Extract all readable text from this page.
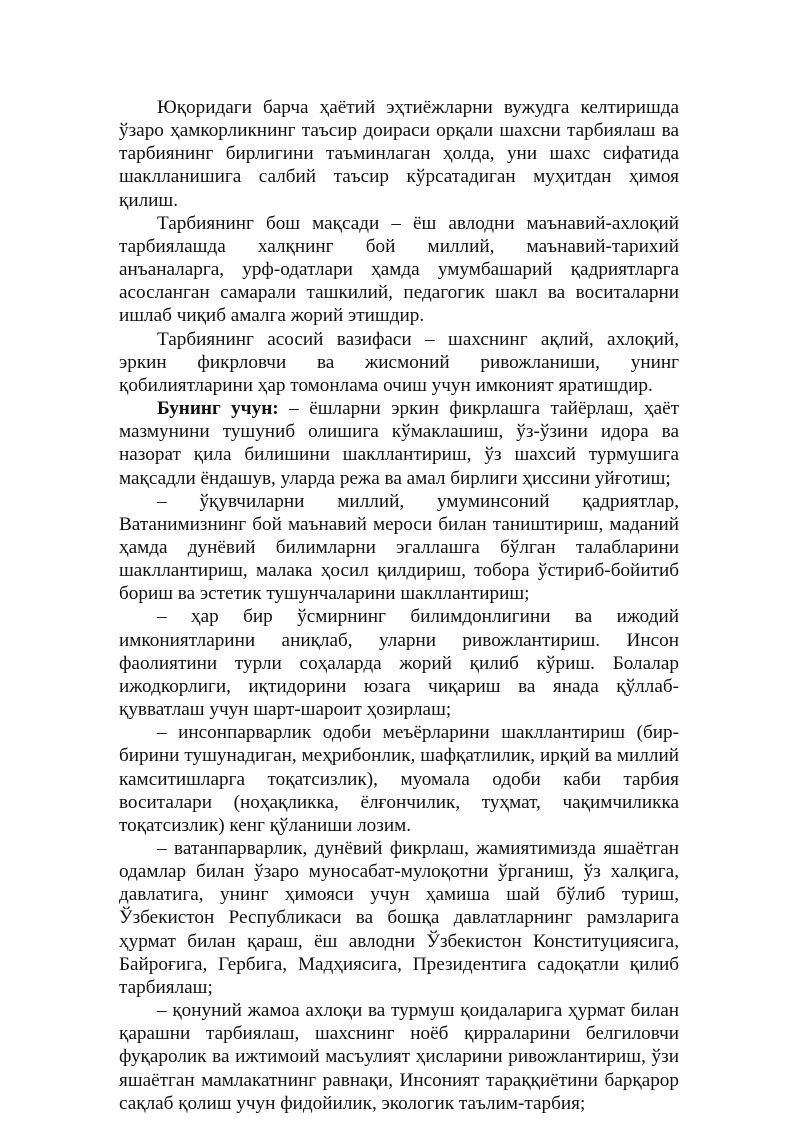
Юқоридаги барча ҳаётий эҳтиёжларни вужудга келтиришда ўзаро ҳамкорликнинг таъсир доираси орқали шахсни тарбиялаш ва тарбиянинг бирлигини таъминлаган ҳолда, уни шахс сифатида шаклланишига салбий таъсир кўрсатадиган муҳитдан ҳимоя қилиш.

Тарбиянинг бош мақсади – ёш авлодни маънавий-ахлоқий тарбиялашда халқнинг бой миллий, маънавий-тарихий анъаналарга, урф-одатлари ҳамда умумбашарий қадриятларга асосланган самарали ташкилий, педагогик шакл ва воситаларни ишлаб чиқиб амалга жорий этишдир.

Тарбиянинг асосий вазифаси – шахснинг ақлий, ахлоқий, эркин фикрловчи ва жисмоний ривожланиши, унинг қобилиятларини ҳар томонлама очиш учун имконият яратишдир.

Бунинг учун: – ёшларни эркин фикрлашга тайёрлаш, ҳаёт мазмунини тушуниб олишига кўмаклашиш, ўз-ўзини идора ва назорат қила билишини шакллантириш, ўз шахсий турмушига мақсадли ёндашув, уларда режа ва амал бирлиги ҳиссини уйғотиш;

– ўқувчиларни миллий, умуминсоний қадриятлар, Ватанимизнинг бой маънавий мероси билан таништириш, маданий ҳамда дунёвий билимларни эгаллашга бўлган талабларини шакллантириш, малака ҳосил қилдириш, тобора ўстириб-бойитиб бориш ва эстетик тушунчаларини шакллантириш;

– ҳар бир ўсмирнинг билимдонлигини ва ижодий имкониятларини аниқлаб, уларни ривожлантириш. Инсон фаолиятини турли соҳаларда жорий қилиб кўриш. Болалар ижодкорлиги, иқтидорини юзага чиқариш ва янада қўллаб-қувватлаш учун шарт-шароит ҳозирлаш;

– инсонпарварлик одоби меъёрларини шакллантириш (бир-бирини тушунадиган, меҳрибонлик, шафқатлилик, ирқий ва миллий камситишларга тоқатсизлик), муомала одоби каби тарбия воситалари (ноҳақликка, ёлғончилик, туҳмат, чақимчиликка тоқатсизлик) кенг қўланиши лозим.

– ватанпарварлик, дунёвий фикрлаш, жамиятимизда яшаётган одамлар билан ўзаро муносабат-мулоқотни ўрганиш, ўз халқига, давлатига, унинг ҳимояси учун ҳамиша шай бўлиб туриш, Ўзбекистон Республикаси ва бошқа давлатларнинг рамзларига ҳурмат билан қараш, ёш авлодни Ўзбекистон Конституциясига, Байроғига, Гербига, Мадҳиясига, Президентига садоқатли қилиб тарбиялаш;

– қонуний жамоа ахлоқи ва турмуш қоидаларига ҳурмат билан қарашни тарбиялаш, шахснинг ноёб қирраларини белгиловчи фуқаролик ва ижтимоий масъулият ҳисларини ривожлантириш, ўзи яшаётган мамлакатнинг равнақи, Инсоният тараққиётини барқарор сақлаб қолиш учун фидойилик, экологик таълим-тарбия;
